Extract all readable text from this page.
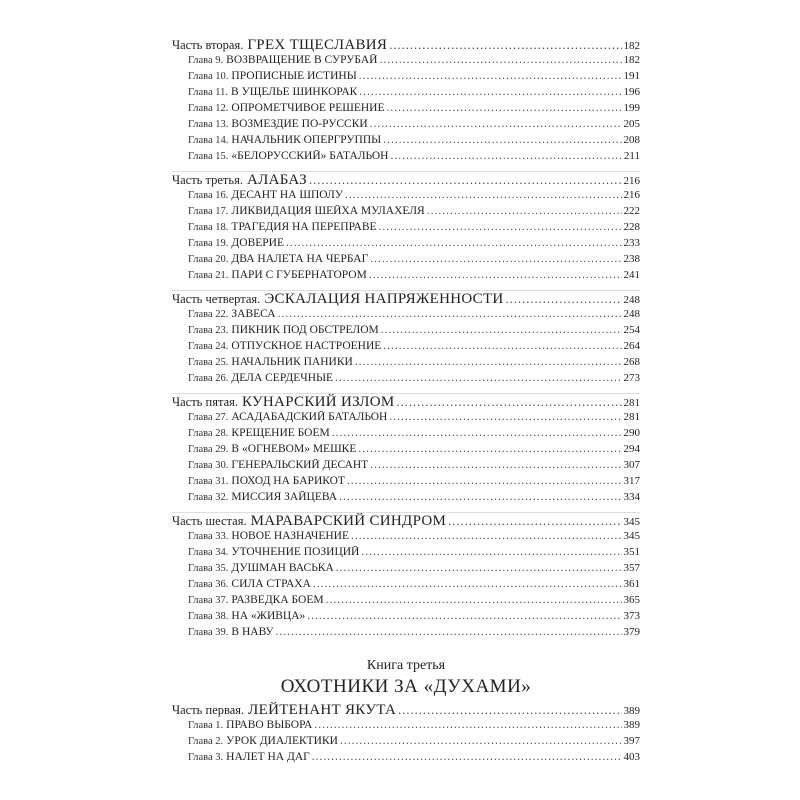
Часть вторая. ГРЕХ ТЩЕСЛАВИЯ .....	182
Глава 9. ВОЗВРАЩЕНИЕ В СУРУБАЙ .....	182
Глава 10. ПРОПИСНЫЕ ИСТИНЫ .....	191
Глава 11. В УЩЕЛЬЕ ШИНКОРАК .....	196
Глава 12. ОПРОМЕТЧИВОЕ РЕШЕНИЕ .....	199
Глава 13. ВОЗМЕЗДИЕ ПО-РУССКИ .....	205
Глава 14. НАЧАЛЬНИК ОПЕРГРУППЫ .....	208
Глава 15. «БЕЛОРУССКИЙ» БАТАЛЬОН .....	211
Часть третья. АЛАБАЗ .....	216
Глава 16. ДЕСАНТ НА ШПОЛУ .....	216
Глава 17. ЛИКВИДАЦИЯ ШЕЙХА МУЛАХЕЛЯ .....	222
Глава 18. ТРАГЕДИЯ НА ПЕРЕПРАВЕ .....	228
Глава 19. ДОВЕРИЕ .....	233
Глава 20. ДВА НАЛЕТА НА ЧЕРБАГ .....	238
Глава 21. ПАРИ С ГУБЕРНАТОРОМ .....	241
Часть четвертая. ЭСКАЛАЦИЯ НАПРЯЖЕННОСТИ .....	248
Глава 22. ЗАВЕСА .....	248
Глава 23. ПИКНИК ПОД ОБСТРЕЛОМ .....	254
Глава 24. ОТПУСКНОЕ НАСТРОЕНИЕ .....	264
Глава 25. НАЧАЛЬНИК ПАНИКИ .....	268
Глава 26. ДЕЛА СЕРДЕЧНЫЕ .....	273
Часть пятая. КУНАРСКИЙ ИЗЛОМ .....	281
Глава 27. АСАДАБАДСКИЙ БАТАЛЬОН .....	281
Глава 28. КРЕЩЕНИЕ БОЕМ .....	290
Глава 29. В «ОГНЕВОМ» МЕШКЕ .....	294
Глава 30. ГЕНЕРАЛЬСКИЙ ДЕСАНТ .....	307
Глава 31. ПОХОД НА БАРИКОТ .....	317
Глава 32. МИССИЯ ЗАЙЦЕВА .....	334
Часть шестая. МАРАВАРСКИЙ СИНДРОМ .....	345
Глава 33. НОВОЕ НАЗНАЧЕНИЕ .....	345
Глава 34. УТОЧНЕНИЕ ПОЗИЦИЙ .....	351
Глава 35. ДУШМАН ВАСЬКА .....	357
Глава 36. СИЛА СТРАХА .....	361
Глава 37. РАЗВЕДКА БОЕМ .....	365
Глава 38. НА «ЖИВЦА» .....	373
Глава 39. В НАВУ .....	379
Книга третья
ОХОТНИКИ ЗА «ДУХАМИ»
Часть первая. ЛЕЙТЕНАНТ ЯКУТА .....	389
Глава 1. ПРАВО ВЫБОРА .....	389
Глава 2. УРОК ДИАЛЕКТИКИ .....	397
Глава 3. НАЛЕТ НА ДАГ .....	403
